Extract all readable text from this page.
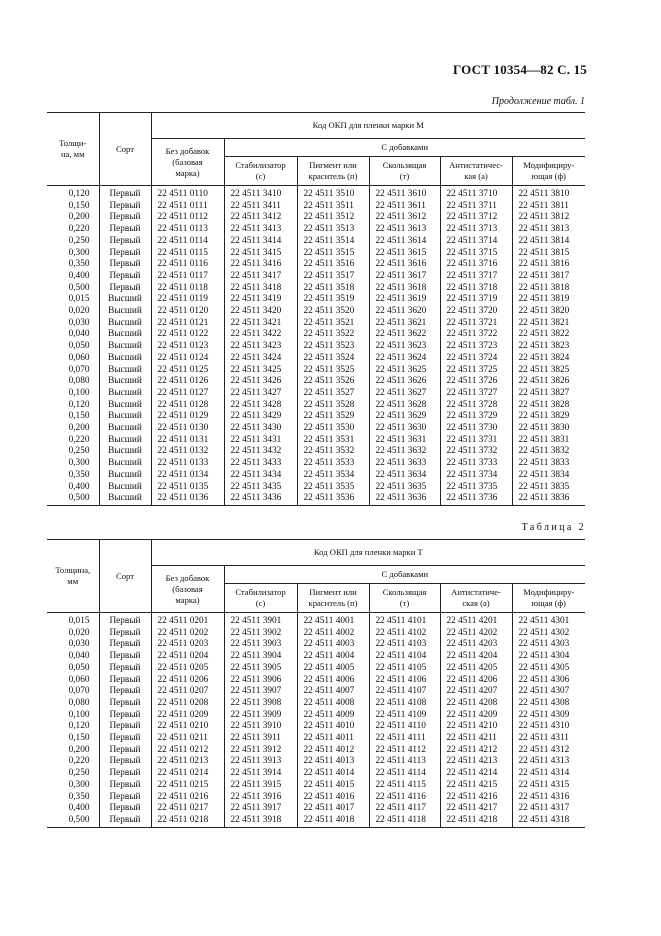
ГОСТ 10354—82 С. 15
Продолжение табл. 1
Толщи-
на, мм	Сорт	Код ОКП для пленки марки М					
		Без добавок
(базовая
марка)	С добавками				
			Стабилизатор
(с)	Пигмент или
краситель (п)	Скользящая
(т)	Антистатичес-
кая (а)	Модифициру-
ющая (ф)
0,120	Первый	22 4511 0110	22 4511 3410	22 4511 3510	22 4511 3610	22 4511 3710	22 4511 3810
0,150	Первый	22 4511 0111	22 4511 3411	22 4511 3511	22 4511 3611	22 4511 3711	22 4511 3811
0,200	Первый	22 4511 0112	22 4511 3412	22 4511 3512	22 4511 3612	22 4511 3712	22 4511 3812
0,220	Первый	22 4511 0113	22 4511 3413	22 4511 3513	22 4511 3613	22 4511 3713	22 4511 3813
0,250	Первый	22 4511 0114	22 4511 3414	22 4511 3514	22 4511 3614	22 4511 3714	22 4511 3814
0,300	Первый	22 4511 0115	22 4511 3415	22 4511 3515	22 4511 3615	22 4511 3715	22 4511 3815
0,350	Первый	22 4511 0116	22 4511 3416	22 4511 3516	22 4511 3616	22 4511 3716	22 4511 3816
0,400	Первый	22 4511 0117	22 4511 3417	22 4511 3517	22 4511 3617	22 4511 3717	22 4511 3817
0,500	Первый	22 4511 0118	22 4511 3418	22 4511 3518	22 4511 3618	22 4511 3718	22 4511 3818
0,015	Высший	22 4511 0119	22 4511 3419	22 4511 3519	22 4511 3619	22 4511 3719	22 4511 3819
0,020	Высший	22 4511 0120	22 4511 3420	22 4511 3520	22 4511 3620	22 4511 3720	22 4511 3820
0,030	Высший	22 4511 0121	22 4511 3421	22 4511 3521	22 4511 3621	22 4511 3721	22 4511 3821
0,040	Высший	22 4511 0122	22 4511 3422	22 4511 3522	22 4511 3622	22 4511 3722	22 4511 3822
0,050	Высший	22 4511 0123	22 4511 3423	22 4511 3523	22 4511 3623	22 4511 3723	22 4511 3823
0,060	Высший	22 4511 0124	22 4511 3424	22 4511 3524	22 4511 3624	22 4511 3724	22 4511 3824
0,070	Высший	22 4511 0125	22 4511 3425	22 4511 3525	22 4511 3625	22 4511 3725	22 4511 3825
0,080	Высший	22 4511 0126	22 4511 3426	22 4511 3526	22 4511 3626	22 4511 3726	22 4511 3826
0,100	Высший	22 4511 0127	22 4511 3427	22 4511 3527	22 4511 3627	22 4511 3727	22 4511 3827
0,120	Высший	22 4511 0128	22 4511 3428	22 4511 3528	22 4511 3628	22 4511 3728	22 4511 3828
0,150	Высший	22 4511 0129	22 4511 3429	22 4511 3529	22 4511 3629	22 4511 3729	22 4511 3829
0,200	Высший	22 4511 0130	22 4511 3430	22 4511 3530	22 4511 3630	22 4511 3730	22 4511 3830
0,220	Высший	22 4511 0131	22 4511 3431	22 4511 3531	22 4511 3631	22 4511 3731	22 4511 3831
0,250	Высший	22 4511 0132	22 4511 3432	22 4511 3532	22 4511 3632	22 4511 3732	22 4511 3832
0,300	Высший	22 4511 0133	22 4511 3433	22 4511 3533	22 4511 3633	22 4511 3733	22 4511 3833
0,350	Высший	22 4511 0134	22 4511 3434	22 4511 3534	22 4511 3634	22 4511 3734	22 4511 3834
0,400	Высший	22 4511 0135	22 4511 3435	22 4511 3535	22 4511 3635	22 4511 3735	22 4511 3835
0,500	Высший	22 4511 0136	22 4511 3436	22 4511 3536	22 4511 3636	22 4511 3736	22 4511 3836
Таблица 2
Толщина,
мм	Сорт	Код ОКП для пленки марки Т					
		Без добавок
(базовая
марка)	С добавками				
			Стабилизатор
(с)	Пигмент или
краситель (п)	Скользящая
(т)	Антистатиче-
ская (а)	Модифициру-
ющая (ф)
0,015	Первый	22 4511 0201	22 4511 3901	22 4511 4001	22 4511 4101	22 4511 4201	22 4511 4301
0,020	Первый	22 4511 0202	22 4511 3902	22 4511 4002	22 4511 4102	22 4511 4202	22 4511 4302
0,030	Первый	22 4511 0203	22 4511 3903	22 4511 4003	22 4511 4103	22 4511 4203	22 4511 4303
0,040	Первый	22 4511 0204	22 4511 3904	22 4511 4004	22 4511 4104	22 4511 4204	22 4511 4304
0,050	Первый	22 4511 0205	22 4511 3905	22 4511 4005	22 4511 4105	22 4511 4205	22 4511 4305
0,060	Первый	22 4511 0206	22 4511 3906	22 4511 4006	22 4511 4106	22 4511 4206	22 4511 4306
0,070	Первый	22 4511 0207	22 4511 3907	22 4511 4007	22 4511 4107	22 4511 4207	22 4511 4307
0,080	Первый	22 4511 0208	22 4511 3908	22 4511 4008	22 4511 4108	22 4511 4208	22 4511 4308
0,100	Первый	22 4511 0209	22 4511 3909	22 4511 4009	22 4511 4109	22 4511 4209	22 4511 4309
0,120	Первый	22 4511 0210	22 4511 3910	22 4511 4010	22 4511 4110	22 4511 4210	22 4511 4310
0,150	Первый	22 4511 0211	22 4511 3911	22 4511 4011	22 4511 4111	22 4511 4211	22 4511 4311
0,200	Первый	22 4511 0212	22 4511 3912	22 4511 4012	22 4511 4112	22 4511 4212	22 4511 4312
0,220	Первый	22 4511 0213	22 4511 3913	22 4511 4013	22 4511 4113	22 4511 4213	22 4511 4313
0,250	Первый	22 4511 0214	22 4511 3914	22 4511 4014	22 4511 4114	22 4511 4214	22 4511 4314
0,300	Первый	22 4511 0215	22 4511 3915	22 4511 4015	22 4511 4115	22 4511 4215	22 4511 4315
0,350	Первый	22 4511 0216	22 4511 3916	22 4511 4016	22 4511 4116	22 4511 4216	22 4511 4316
0,400	Первый	22 4511 0217	22 4511 3917	22 4511 4017	22 4511 4117	22 4511 4217	22 4511 4317
0,500	Первый	22 4511 0218	22 4511 3918	22 4511 4018	22 4511 4118	22 4511 4218	22 4511 4318
